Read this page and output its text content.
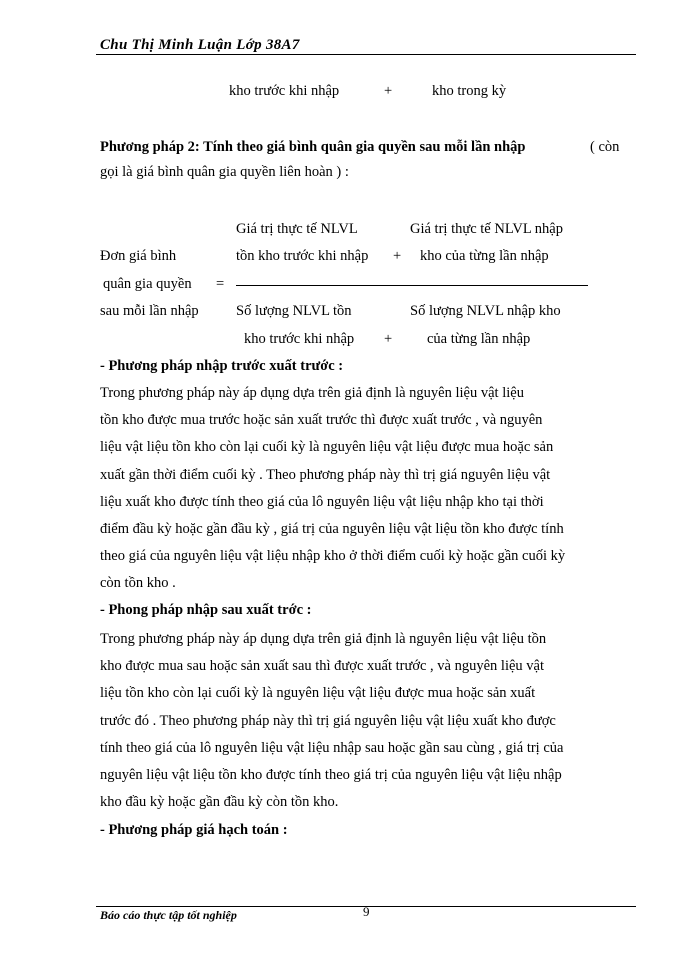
Chu Thị Minh Luận Lớp 38A7
kho trước khi nhập	+	kho trong kỳ
Phương pháp 2: Tính theo giá bình quân gia quyền sau mỗi lần nhập	( còn
gọi là giá bình quân gia quyền liên hoàn ) :
Giá trị thực tế NLVL	Giá trị thực tế NLVL nhập
Đơn giá bình	tồn kho trước khi nhập + kho của từng lần nhập
quân gia quyền =
sau mỗi lần nhập	Số lượng NLVL tồn	Số lượng NLVL nhập kho
kho trước khi nhập + của từng lần nhập
- Phương pháp nhập trước xuất trước :

Trong phương pháp này áp dụng dựa trên giả định là nguyên liệu vật liệu

tồn kho được mua trước hoặc sản xuất trước thì được xuất trước , và nguyên

liệu vật liệu tồn kho còn lại cuối kỳ là nguyên liệu vật liệu được mua hoặc sản

xuất gần thời điểm cuối kỳ . Theo phương pháp này thì trị giá nguyên liệu vật

liệu xuất kho được tính theo giá của lô nguyên liệu vật liệu nhập kho tại thời

điểm đầu kỳ hoặc gần đầu kỳ , giá trị của nguyên liệu vật liệu tồn kho được tính

theo giá của nguyên liệu vật liệu nhập kho ở thời điểm cuối kỳ hoặc gần cuối kỳ

còn tồn kho .

- Phong pháp nhập sau xuất trớc :

Trong phương pháp này áp dụng dựa trên giả định là nguyên liệu vật liệu tồn

kho được mua sau hoặc sản xuất sau thì được xuất trước , và nguyên liệu vật

liệu tồn kho còn lại cuối kỳ là nguyên liệu vật liệu được mua hoặc sản xuất

trước đó . Theo phương pháp này thì trị giá nguyên liệu vật liệu xuất kho được

tính theo giá của lô nguyên liệu vật liệu nhập sau hoặc gần sau cùng , giá trị của

nguyên liệu vật liệu tồn kho được tính theo giá trị của nguyên liệu vật liệu nhập

kho đầu kỳ hoặc gần đầu kỳ còn tồn kho.

- Phương pháp giá hạch toán :
Báo cáo thực tập tốt nghiệp	9
